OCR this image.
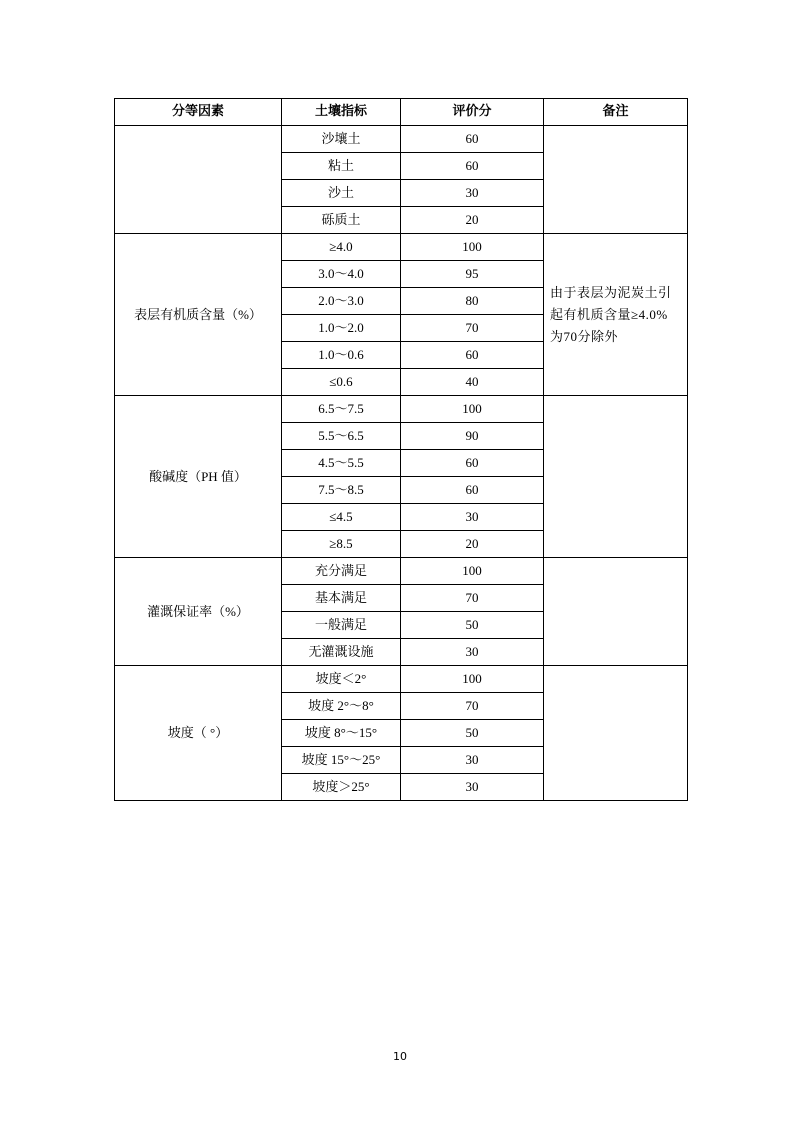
分等因素	土壤指标	评价分	备注
	沙壤土	60	
	粘土	60	
	沙土	30	
	砾质土	20	
表层有机质含量（%）	≥4.0	100	由于表层为泥炭土引起有机质含量≥4.0%为70分除外
	3.0～4.0	95	
	2.0～3.0	80	
	1.0～2.0	70	
	1.0～0.6	60	
	≤0.6	40	
酸碱度（PH 值）	6.5～7.5	100	
	5.5～6.5	90	
	4.5～5.5	60	
	7.5～8.5	60	
	≤4.5	30	
	≥8.5	20	
灌溉保证率（%）	充分满足	100	
	基本满足	70	
	一般满足	50	
	无灌溉设施	30	
坡度（ °）	坡度＜2°	100	
	坡度 2°～8°	70	
	坡度 8°～15°	50	
	坡度 15°～25°	30	
	坡度＞25°	30	
10
